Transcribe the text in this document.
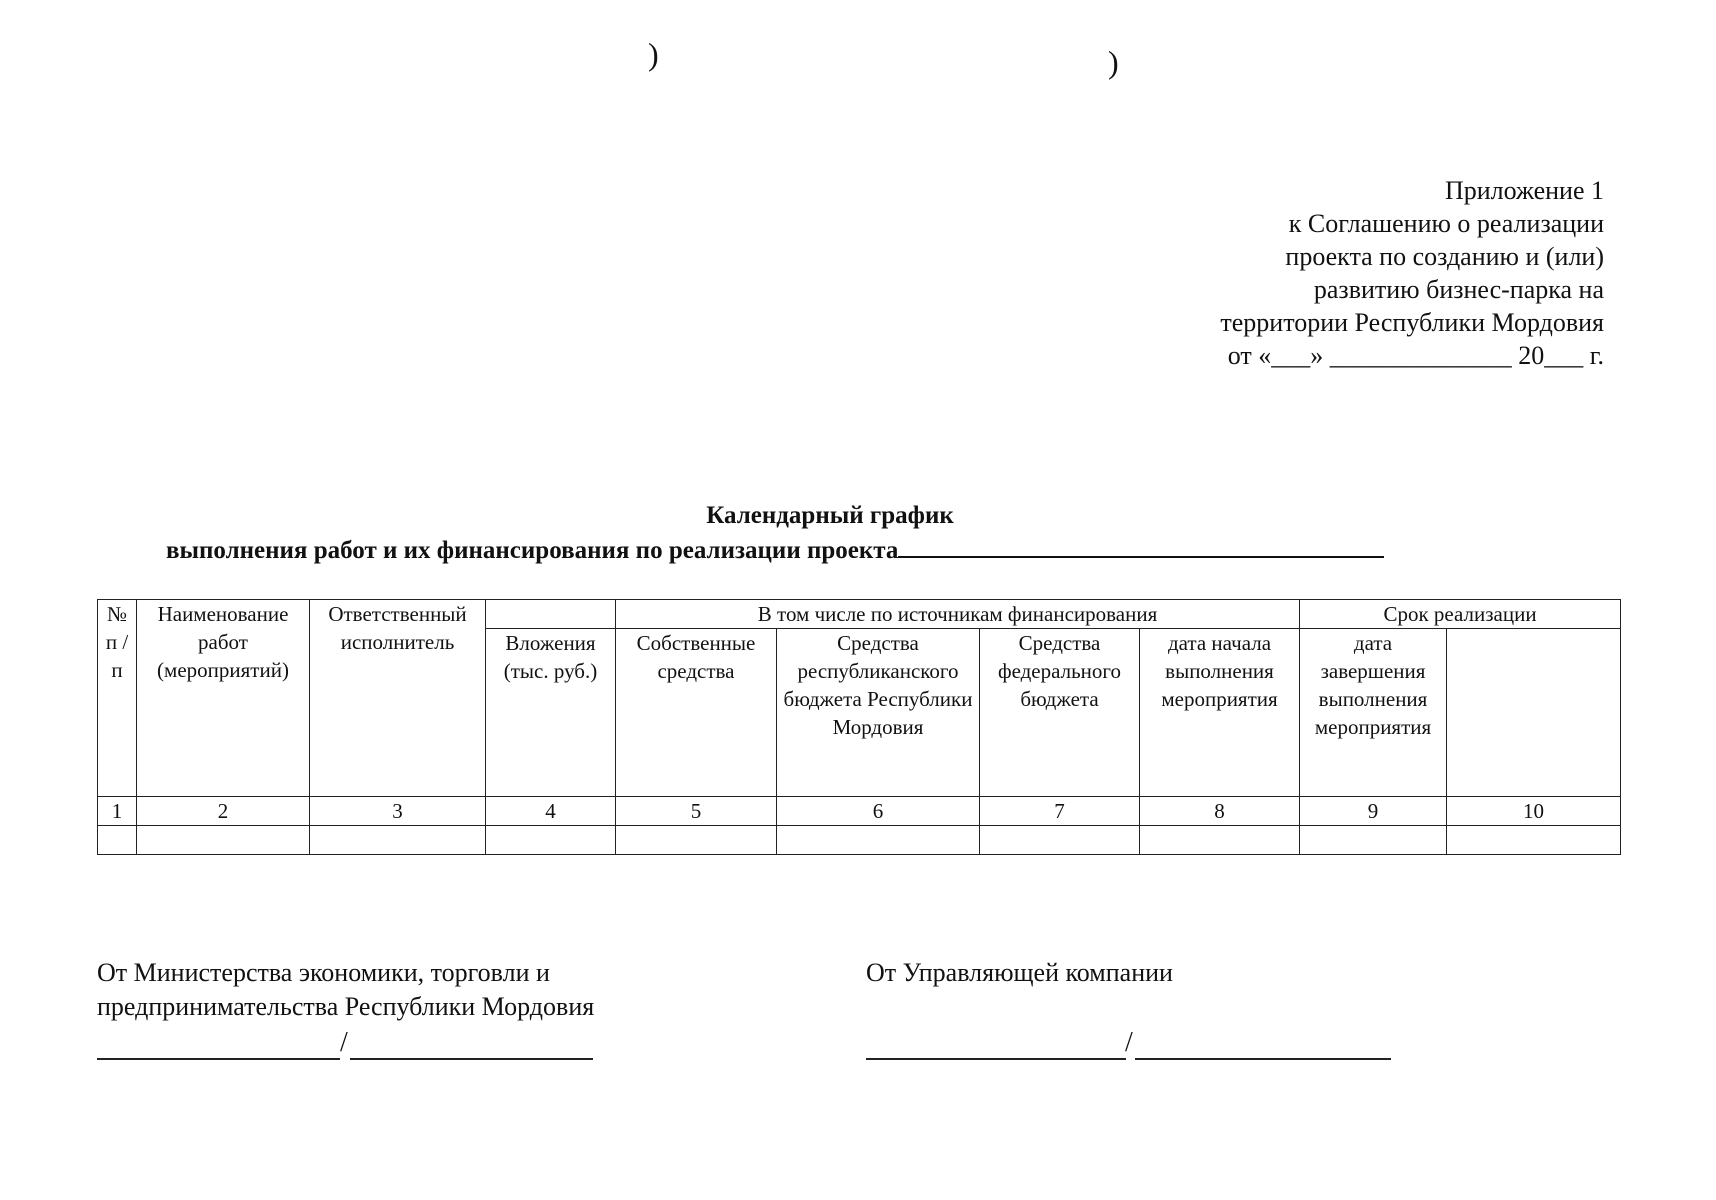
)	)
Приложение 1
к Соглашению о реализации
проекта по созданию и (или)
развитию бизнес-парка на
территории Республики Мордовия
от «___» ______________ 20___ г.
Календарный график
выполнения работ и их финансирования по реализации проекта
№ п / п	Наименование работ (мероприятий)	Ответственный исполнитель		В том числе по источникам финансирования				Срок реализации	
			Вложения (тыс. руб.)	Собственные средства	Средства республиканского бюджета Республики Мордовия	Средства федерального бюджета	дата начала выполнения мероприятия	дата завершения выполнения мероприятия		
1	2	3	4	5	6	7	8	9	10	

От Министерства экономики, торговли и
предпринимательства Республики Мордовия
От Управляющей компании
/	/
